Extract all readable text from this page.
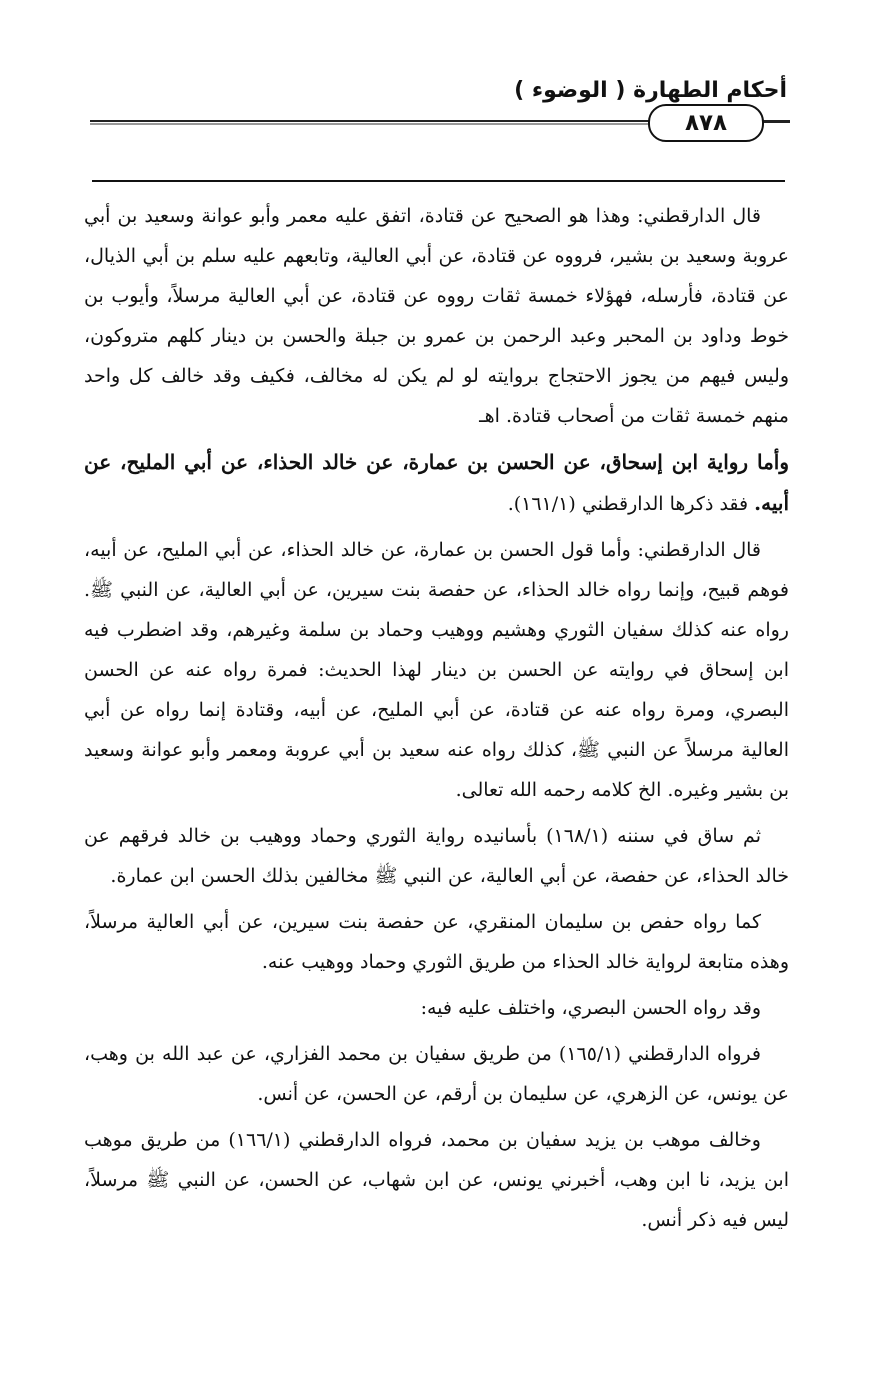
أحكام الطهارة ( الوضوء )
٨٧٨

قال الدارقطني: وهذا هو الصحيح عن قتادة، اتفق عليه معمر وأبو عوانة وسعيد بن أبي عروبة وسعيد بن بشير، فرووه عن قتادة، عن أبي العالية، وتابعهم عليه سلم بن أبي الذيال، عن قتادة، فأرسله، فهؤلاء خمسة ثقات رووه عن قتادة، عن أبي العالية مرسلاً، وأيوب بن خوط وداود بن المحبر وعبد الرحمن بن عمرو بن جبلة والحسن بن دينار كلهم متروكون، وليس فيهم من يجوز الاحتجاج بروايته لو لم يكن له مخالف، فكيف وقد خالف كل واحد منهم خمسة ثقات من أصحاب قتادة. اهـ

وأما رواية ابن إسحاق، عن الحسن بن عمارة، عن خالد الحذاء، عن أبي المليح، عن أبيه. فقد ذكرها الدارقطني (١٦١/١).

قال الدارقطني: وأما قول الحسن بن عمارة، عن خالد الحذاء، عن أبي المليح، عن أبيه، فوهم قبيح، وإنما رواه خالد الحذاء، عن حفصة بنت سيرين، عن أبي العالية، عن النبي ﷺ. رواه عنه كذلك سفيان الثوري وهشيم ووهيب وحماد بن سلمة وغيرهم، وقد اضطرب فيه ابن إسحاق في روايته عن الحسن بن دينار لهذا الحديث: فمرة رواه عنه عن الحسن البصري، ومرة رواه عنه عن قتادة، عن أبي المليح، عن أبيه، وقتادة إنما رواه عن أبي العالية مرسلاً عن النبي ﷺ، كذلك رواه عنه سعيد بن أبي عروبة ومعمر وأبو عوانة وسعيد بن بشير وغيره. الخ كلامه رحمه الله تعالى.

ثم ساق في سننه (١٦٨/١) بأسانيده رواية الثوري وحماد ووهيب بن خالد فرقهم عن خالد الحذاء، عن حفصة، عن أبي العالية، عن النبي ﷺ مخالفين بذلك الحسن ابن عمارة.

كما رواه حفص بن سليمان المنقري، عن حفصة بنت سيرين، عن أبي العالية مرسلاً، وهذه متابعة لرواية خالد الحذاء من طريق الثوري وحماد ووهيب عنه.

وقد رواه الحسن البصري، واختلف عليه فيه:

فرواه الدارقطني (١٦٥/١) من طريق سفيان بن محمد الفزاري، عن عبد الله بن وهب، عن يونس، عن الزهري، عن سليمان بن أرقم، عن الحسن، عن أنس.

وخالف موهب بن يزيد سفيان بن محمد، فرواه الدارقطني (١٦٦/١) من طريق موهب ابن يزيد، نا ابن وهب، أخبرني يونس، عن ابن شهاب، عن الحسن، عن النبي ﷺ مرسلاً، ليس فيه ذكر أنس.
